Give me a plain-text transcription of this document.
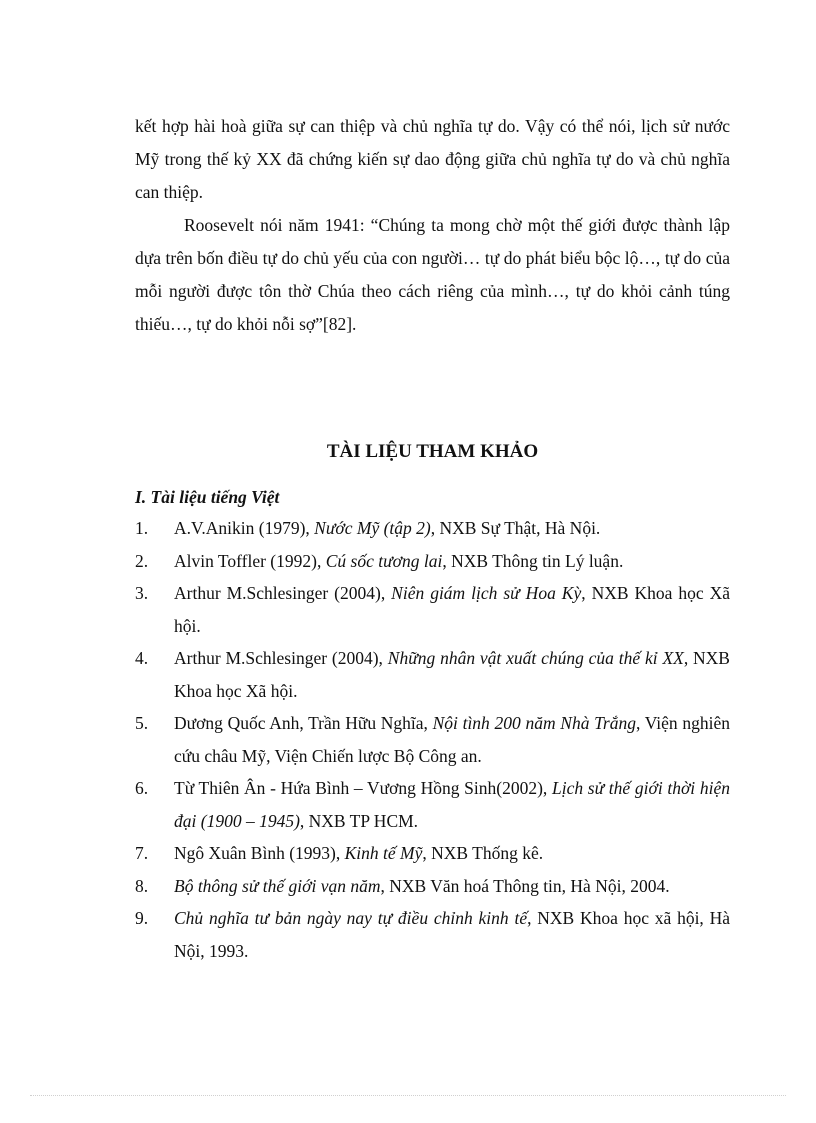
kết hợp hài hoà giữa sự can thiệp và chủ nghĩa tự do. Vậy có thể nói, lịch sử nước Mỹ trong thế kỷ XX đã chứng kiến sự dao động giữa chủ nghĩa tự do và chủ nghĩa can thiệp.

Roosevelt nói năm 1941: “Chúng ta mong chờ một thế giới được thành lập dựa trên bốn điều tự do chủ yếu của con người… tự do phát biểu bộc lộ…, tự do của mỗi người được tôn thờ Chúa theo cách riêng của mình…, tự do khỏi cảnh túng thiếu…, tự do khỏi nỗi sợ”[82].

TÀI LIỆU THAM KHẢO
I. Tài liệu tiếng Việt
1.	A.V.Anikin (1979), Nước Mỹ (tập 2), NXB Sự Thật, Hà Nội.
2.	Alvin Toffler (1992), Cú sốc tương lai, NXB Thông tin Lý luận.
3.	Arthur M.Schlesinger (2004), Niên giám lịch sử Hoa Kỳ, NXB Khoa học Xã hội.
4.	Arthur M.Schlesinger (2004), Những nhân vật xuất chúng của thế kỉ XX, NXB Khoa học Xã hội.
5.	Dương Quốc Anh, Trần Hữu Nghĩa, Nội tình 200 năm Nhà Trắng, Viện nghiên cứu châu Mỹ, Viện Chiến lược Bộ Công an.
6.	Từ Thiên Ân - Hứa Bình – Vương Hồng Sinh(2002), Lịch sử thế giới thời hiện đại (1900 – 1945), NXB TP HCM.
7.	Ngô Xuân Bình (1993), Kinh tế Mỹ, NXB Thống kê.
8.	Bộ thông sử thế giới vạn năm, NXB Văn hoá Thông tin, Hà Nội, 2004.
9.	Chủ nghĩa tư bản ngày nay tự điều chỉnh kinh tế, NXB Khoa học xã hội, Hà Nội, 1993.
